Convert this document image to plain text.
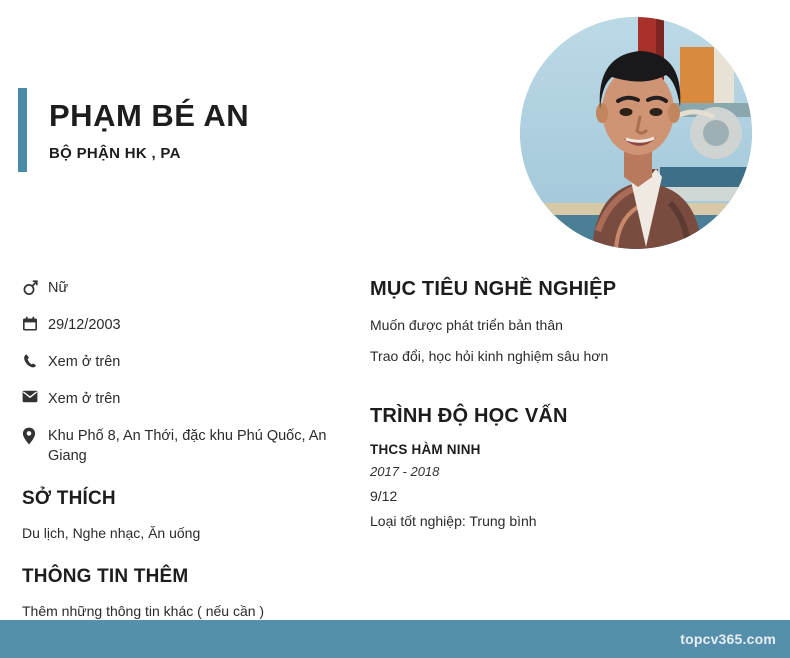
PHẠM BÉ AN
BỘ PHẬN HK , PA
Nữ
29/12/2003
Xem ở trên
Xem ở trên
Khu Phố 8, An Thới, đặc khu Phú Quốc, An Giang
SỞ THÍCH
Du lịch, Nghe nhạc, Ăn uống
THÔNG TIN THÊM
Thêm những thông tin khác ( nếu cần )
MỤC TIÊU NGHỀ NGHIỆP
Muốn được phát triển bản thân
Trao đổi, học hỏi kinh nghiệm sâu hơn
TRÌNH ĐỘ HỌC VẤN
THCS HÀM NINH
2017 - 2018
9/12
Loại tốt nghiệp: Trung bình
topcv365.com
